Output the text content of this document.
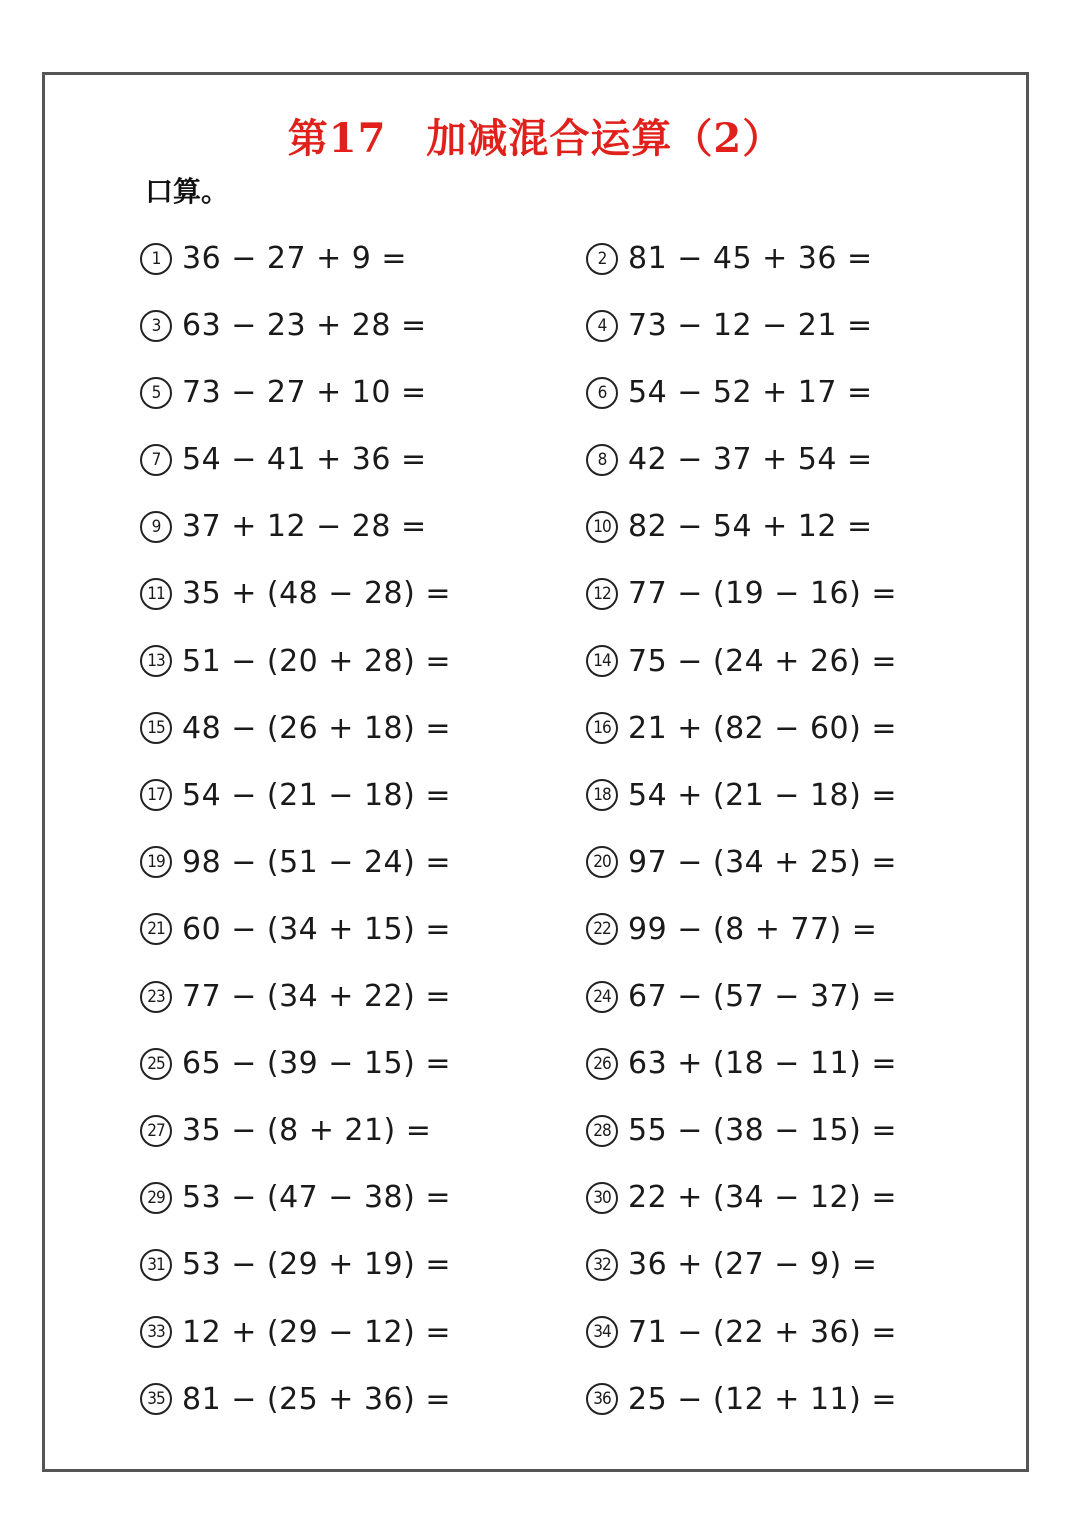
第17 加减混合运算（2）
口算。
1 36 − 27 + 9 =	2 81 − 45 + 36 =
3 63 − 23 + 28 =	4 73 − 12 − 21 =
5 73 − 27 + 10 =	6 54 − 52 + 17 =
7 54 − 41 + 36 =	8 42 − 37 + 54 =
9 37 + 12 − 28 =	10 82 − 54 + 12 =
11 35 + (48 − 28) =	12 77 − (19 − 16) =
13 51 − (20 + 28) =	14 75 − (24 + 26) =
15 48 − (26 + 18) =	16 21 + (82 − 60) =
17 54 − (21 − 18) =	18 54 + (21 − 18) =
19 98 − (51 − 24) =	20 97 − (34 + 25) =
21 60 − (34 + 15) =	22 99 − (8 + 77) =
23 77 − (34 + 22) =	24 67 − (57 − 37) =
25 65 − (39 − 15) =	26 63 + (18 − 11) =
27 35 − (8 + 21) =	28 55 − (38 − 15) =
29 53 − (47 − 38) =	30 22 + (34 − 12) =
31 53 − (29 + 19) =	32 36 + (27 − 9) =
33 12 + (29 − 12) =	34 71 − (22 + 36) =
35 81 − (25 + 36) =	36 25 − (12 + 11) =
